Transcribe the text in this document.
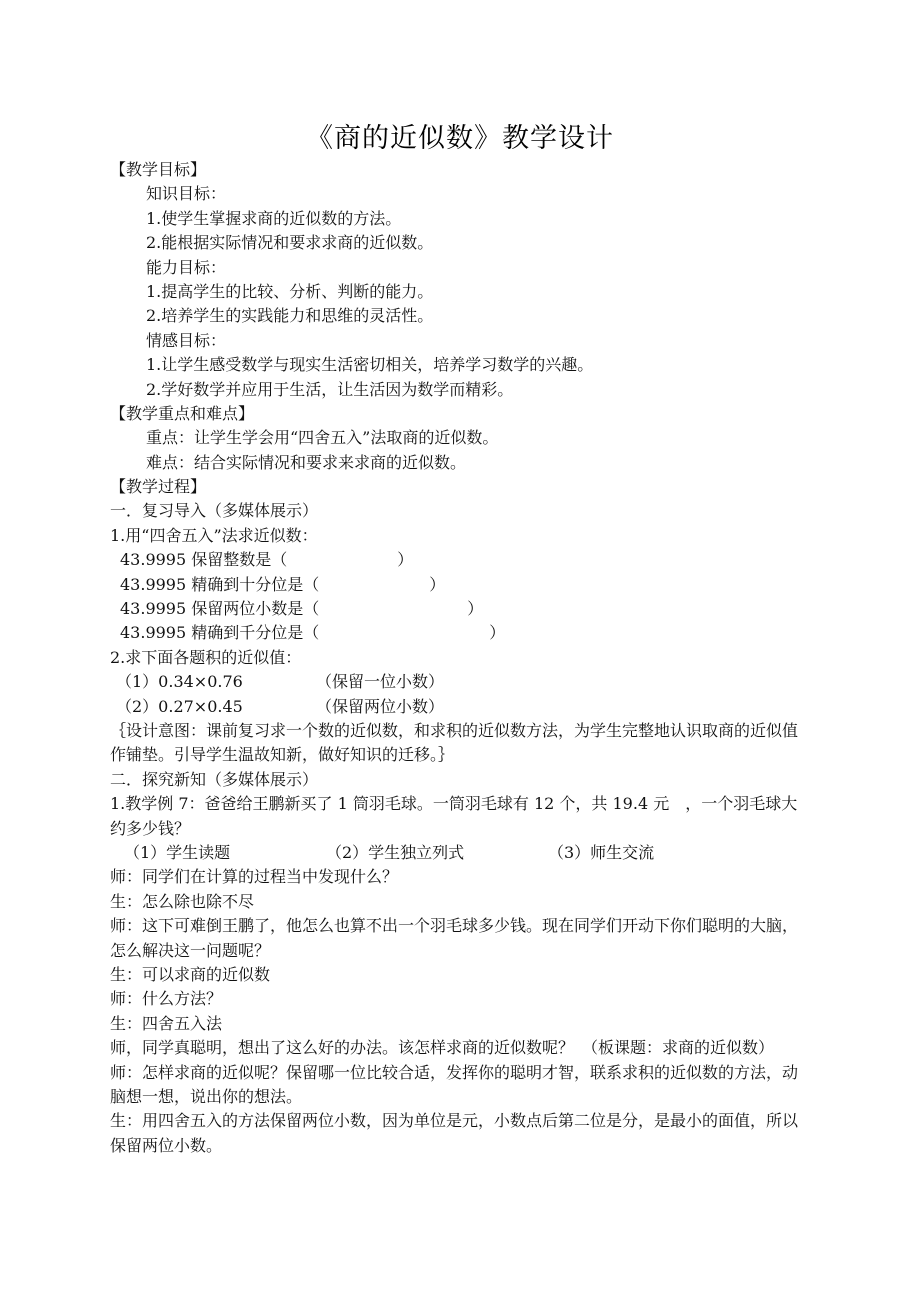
《商的近似数》教学设计
【教学目标】
知识目标：
1.使学生掌握求商的近似数的方法。
2.能根据实际情况和要求求商的近似数。
能力目标：
1.提高学生的比较、分析、判断的能力。
2.培养学生的实践能力和思维的灵活性。
情感目标：
1.让学生感受数学与现实生活密切相关，培养学习数学的兴趣。
2.学好数学并应用于生活，让生活因为数学而精彩。
【教学重点和难点】
重点：让学生学会用“四舍五入”法取商的近似数。
难点：结合实际情况和要求来求商的近似数。
【教学过程】
一．复习导入（多媒体展示）
1.用“四舍五入”法求近似数：
43.9995 保留整数是（	）
43.9995 精确到十分位是（	）
43.9995 保留两位小数是（	）
43.9995 精确到千分位是（	）
2.求下面各题积的近似值：
（1）0.34×0.76	（保留一位小数）
（2）0.27×0.45	（保留两位小数）
｛设计意图：课前复习求一个数的近似数，和求积的近似数方法，为学生完整地认识取商的近似值作铺垫。引导学生温故知新，做好知识的迁移。｝
二．探究新知（多媒体展示）
1.教学例 7：爸爸给王鹏新买了 1 筒羽毛球。一筒羽毛球有 12 个，共 19.4 元　，一个羽毛球大约多少钱？
（1）学生读题	（2）学生独立列式	（3）师生交流
师：同学们在计算的过程当中发现什么？
生：怎么除也除不尽
师：这下可难倒王鹏了，他怎么也算不出一个羽毛球多少钱。现在同学们开动下你们聪明的大脑，怎么解决这一问题呢？
生：可以求商的近似数
师：什么方法？
生：四舍五入法
师，同学真聪明，想出了这么好的办法。该怎样求商的近似数呢？　（板课题：求商的近似数）
师：怎样求商的近似呢？保留哪一位比较合适，发挥你的聪明才智，联系求积的近似数的方法，动脑想一想，说出你的想法。
生：用四舍五入的方法保留两位小数，因为单位是元，小数点后第二位是分，是最小的面值，所以保留两位小数。
